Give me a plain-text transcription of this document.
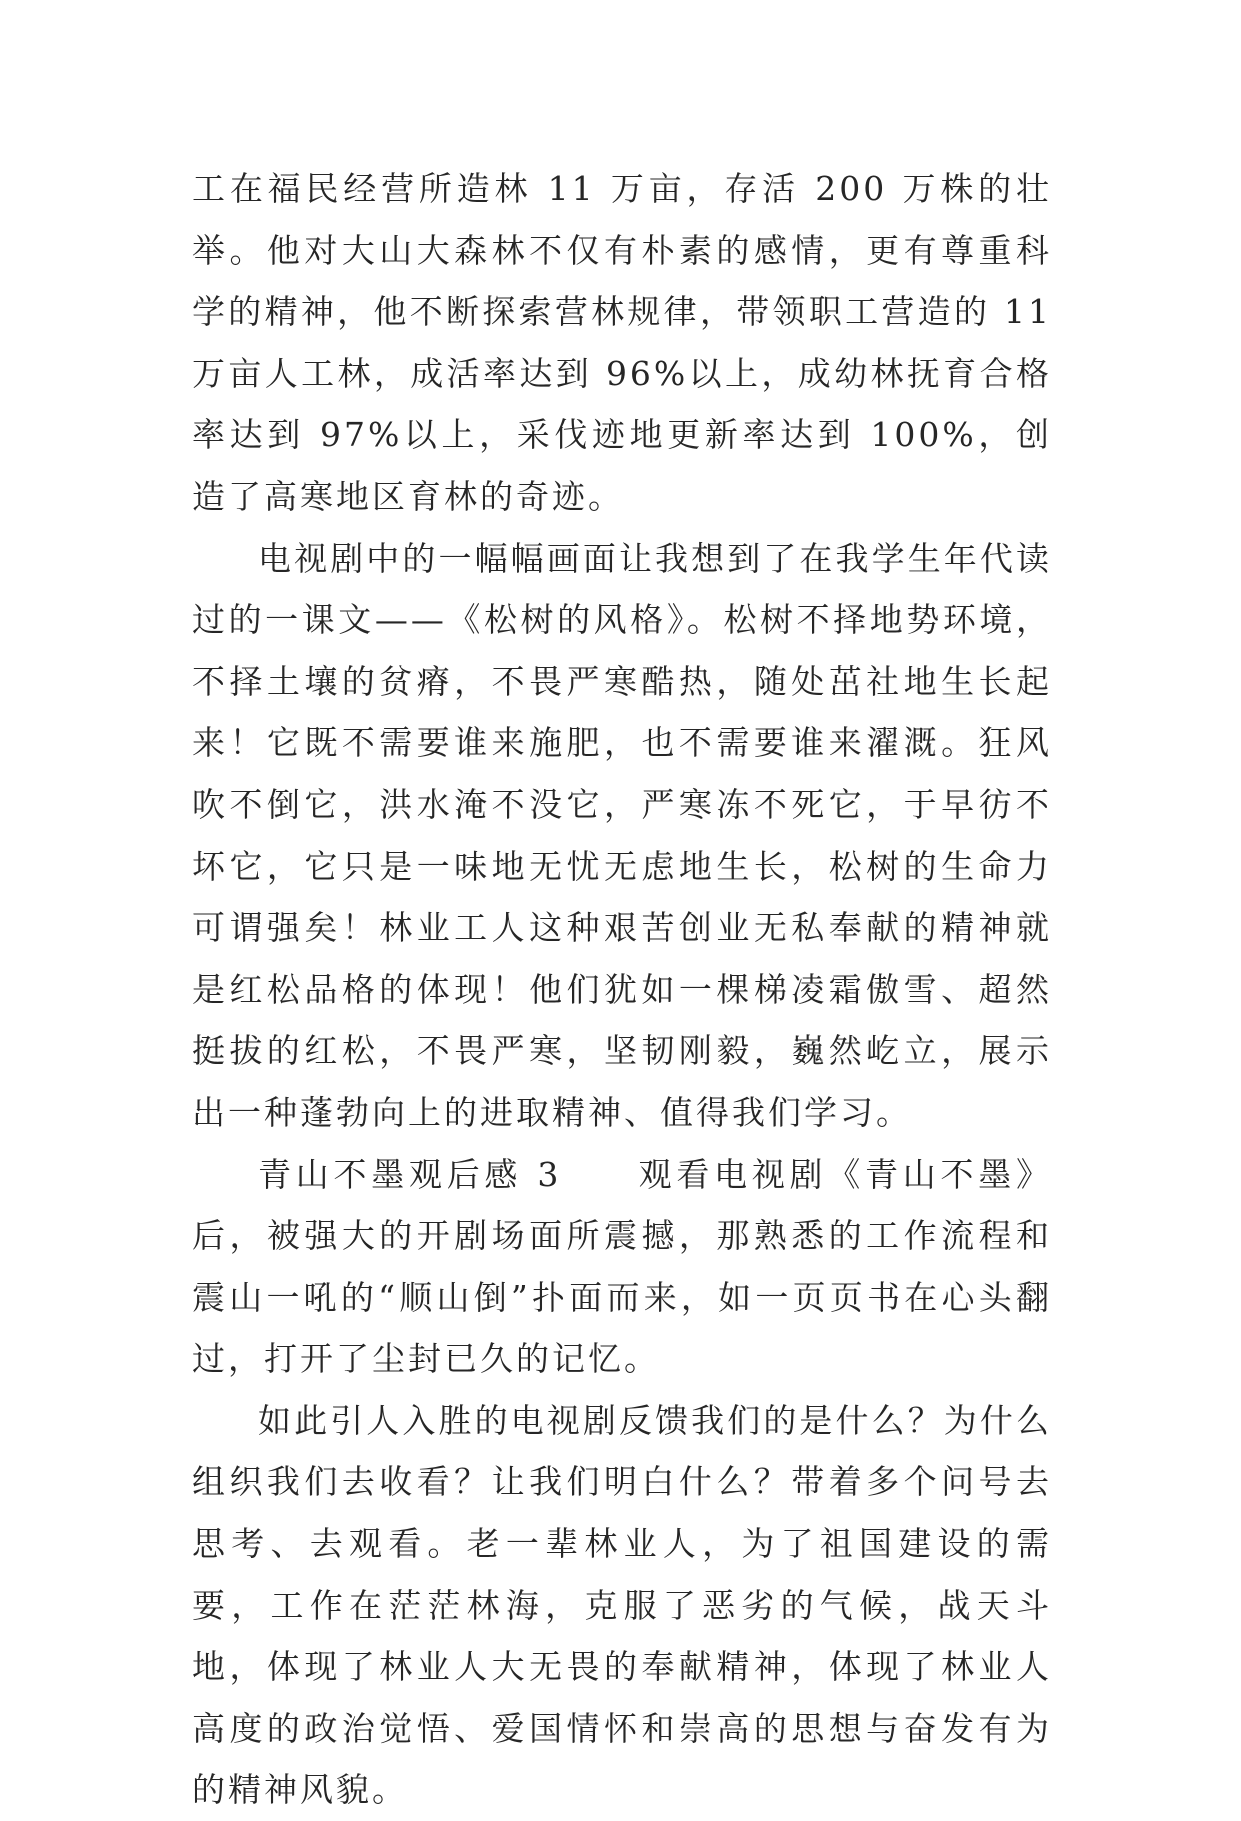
工在福民经营所造林 11 万亩，存活 200 万株的壮举。他对大山大森林不仅有朴素的感情，更有尊重科学的精神，他不断探索营林规律，带领职工营造的 11 万亩人工林，成活率达到 96%以上，成幼林抚育合格率达到 97%以上，采伐迹地更新率达到 100%，创造了高寒地区育林的奇迹。

电视剧中的一幅幅画面让我想到了在我学生年代读过的一课文——《松树的风格》。松树不择地势环境，不择土壤的贫瘠，不畏严寒酷热，随处茁社地生长起来！它既不需要谁来施肥，也不需要谁来濯溉。狂风吹不倒它，洪水淹不没它，严寒冻不死它，于早彷不坏它，它只是一味地无忧无虑地生长，松树的生命力可谓强矣！林业工人这种艰苦创业无私奉献的精神就是红松品格的体现！他们犹如一棵梯凌霜傲雪、超然挺拔的红松，不畏严寒，坚韧刚毅，巍然屹立，展示出一种蓬勃向上的进取精神、值得我们学习。

青山不墨观后感 3　　观看电视剧《青山不墨》后，被强大的开剧场面所震撼，那熟悉的工作流程和震山一吼的“顺山倒”扑面而来，如一页页书在心头翻过，打开了尘封已久的记忆。

如此引人入胜的电视剧反馈我们的是什么？为什么组织我们去收看？让我们明白什么？带着多个问号去思考、去观看。老一辈林业人，为了祖国建设的需要，工作在茫茫林海，克服了恶劣的气候，战天斗地，体现了林业人大无畏的奉献精神，体现了林业人高度的政治觉悟、爱国情怀和崇高的思想与奋发有为的精神风貌。
